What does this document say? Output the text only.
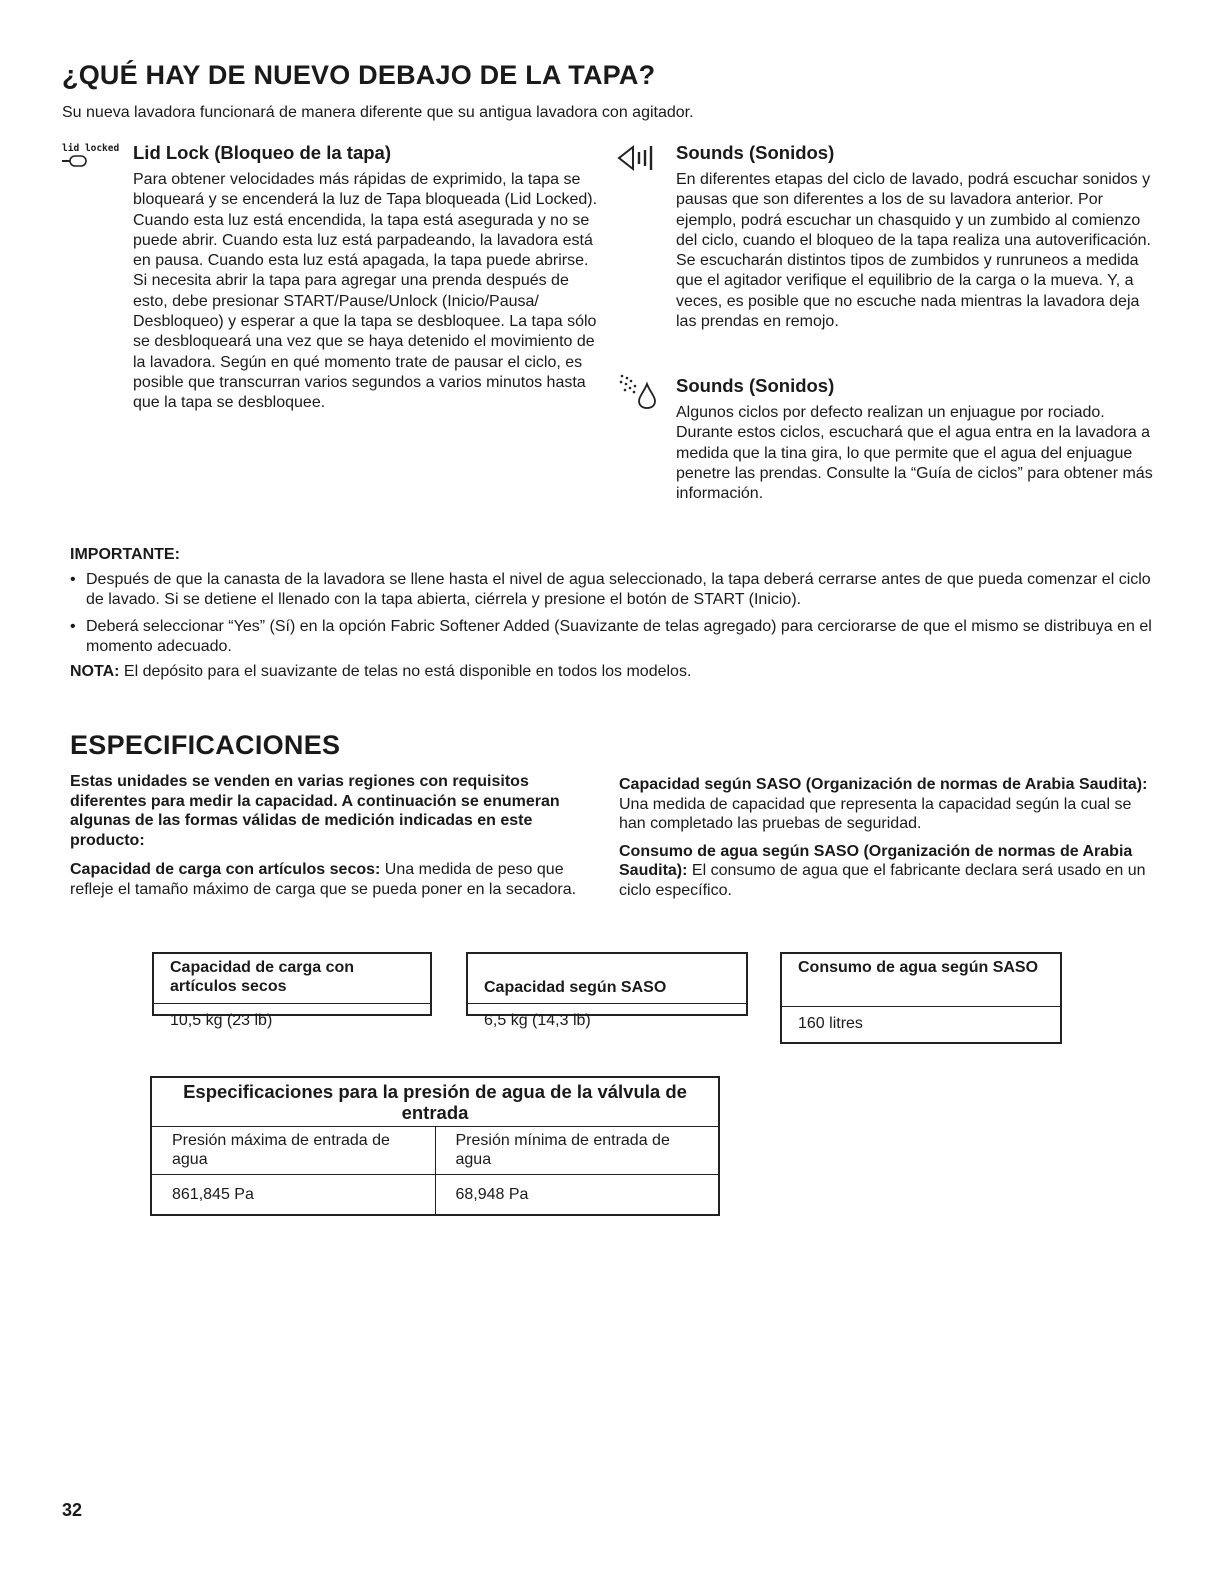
¿QUÉ HAY DE NUEVO DEBAJO DE LA TAPA?

Su nueva lavadora funcionará de manera diferente que su antigua lavadora con agitador.

lid locked Lid Lock (Bloqueo de la tapa)

Para obtener velocidades más rápidas de exprimido, la tapa se bloqueará y se encenderá la luz de Tapa bloqueada (Lid Locked). Cuando esta luz está encendida, la tapa está asegurada y no se puede abrir. Cuando esta luz está parpadeando, la lavadora está en pausa. Cuando esta luz está apagada, la tapa puede abrirse. Si necesita abrir la tapa para agregar una prenda después de esto, debe presionar START/Pause/Unlock (Inicio/Pausa/ Desbloqueo) y esperar a que la tapa se desbloquee. La tapa sólo se desbloqueará una vez que se haya detenido el movimiento de la lavadora. Según en qué momento trate de pausar el ciclo, es posible que transcurran varios segundos a varios minutos hasta que la tapa se desbloquee.

Sounds (Sonidos)

En diferentes etapas del ciclo de lavado, podrá escuchar sonidos y pausas que son diferentes a los de su lavadora anterior. Por ejemplo, podrá escuchar un chasquido y un zumbido al comienzo del ciclo, cuando el bloqueo de la tapa realiza una autoverificación. Se escucharán distintos tipos de zumbidos y runruneos a medida que el agitador verifique el equilibrio de la carga o la mueva. Y, a veces, es posible que no escuche nada mientras la lavadora deja las prendas en remojo.

Sounds (Sonidos)

Algunos ciclos por defecto realizan un enjuague por rociado. Durante estos ciclos, escuchará que el agua entra en la lavadora a medida que la tina gira, lo que permite que el agua del enjuague penetre las prendas. Consulte la “Guía de ciclos” para obtener más información.

IMPORTANTE:

• Después de que la canasta de la lavadora se llene hasta el nivel de agua seleccionado, la tapa deberá cerrarse antes de que pueda comenzar el ciclo de lavado. Si se detiene el llenado con la tapa abierta, ciérrela y presione el botón de START (Inicio).
• Deberá seleccionar “Yes” (Sí) en la opción Fabric Softener Added (Suavizante de telas agregado) para cerciorarse de que el mismo se distribuya en el momento adecuado.

NOTA: El depósito para el suavizante de telas no está disponible en todos los modelos.

ESPECIFICACIONES

Estas unidades se venden en varias regiones con requisitos diferentes para medir la capacidad. A continuación se enumeran algunas de las formas válidas de medición indicadas en este producto:

Capacidad de carga con artículos secos: Una medida de peso que refleje el tamaño máximo de carga que se pueda poner en la secadora.

Capacidad según SASO (Organización de normas de Arabia Saudita): Una medida de capacidad que representa la capacidad según la cual se han completado las pruebas de seguridad.

Consumo de agua según SASO (Organización de normas de Arabia Saudita): El consumo de agua que el fabricante declara será usado en un ciclo específico.

Capacidad de carga con artículos secos
10,5 kg (23 lb)
Capacidad según SASO
6,5 kg (14,3 lb)
Consumo de agua según SASO
160 litres
Especificaciones para la presión de agua de la válvula de entrada	
Presión máxima de entrada de agua	Presión mínima de entrada de agua
861,845 Pa	68,948 Pa

32
